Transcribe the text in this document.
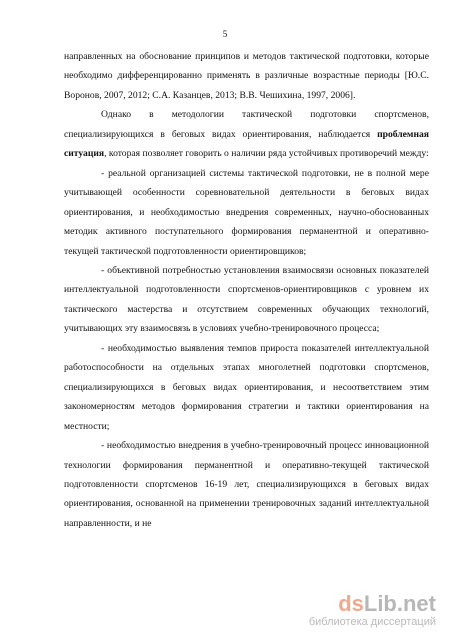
5

направленных на обоснование принципов и методов тактической подготовки, которые необходимо дифференцированно применять в различные возрастные периоды [Ю.С. Воронов, 2007, 2012; С.А. Казанцев, 2013; В.В. Чешихина, 1997, 2006].

Однако в методологии тактической подготовки спортсменов, специализирующихся в беговых видах ориентирования, наблюдается проблемная ситуация, которая позволяет говорить о наличии ряда устойчивых противоречий между:

- реальной организацией системы тактической подготовки, не в полной мере учитывающей особенности соревновательной деятельности в беговых видах ориентирования, и необходимостью внедрения современных, научно-обоснованных методик активного поступательного формирования перманентной и оперативно-текущей тактической подготовленности ориентировщиков;

- объективной потребностью установления взаимосвязи основных показателей интеллектуальной подготовленности спортсменов-ориентировщиков с уровнем их тактического мастерства и отсутствием современных обучающих технологий, учитывающих эту взаимосвязь в условиях учебно-тренировочного процесса;

- необходимостью выявления темпов прироста показателей интеллектуальной работоспособности на отдельных этапах многолетней подготовки спортсменов, специализирующихся в беговых видах ориентирования, и несоответствием этим закономерностям методов формирования стратегии и тактики ориентирования на местности;

- необходимостью внедрения в учебно-тренировочный процесс инновационной технологии формирования перманентной и оперативно-текущей тактической подготовленности спортсменов 16-19 лет, специализирующихся в беговых видах ориентирования, основанной на применении тренировочных заданий интеллектуальной направленности, и не

dsLib.net
библиотека диссертаций
